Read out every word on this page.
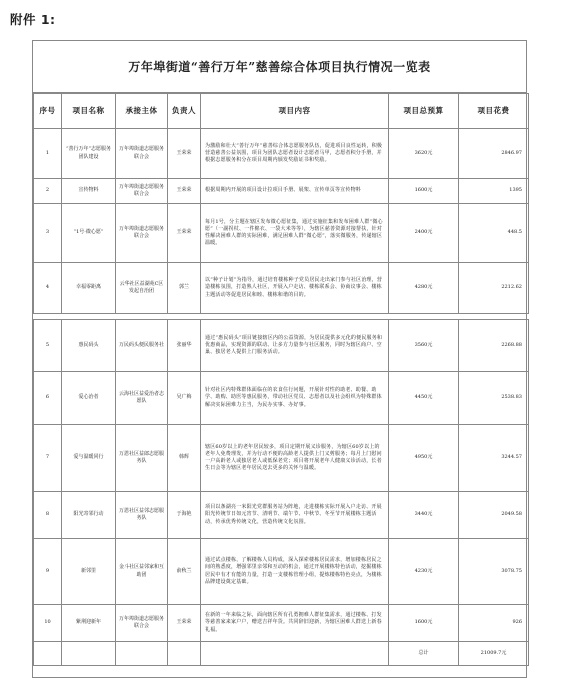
附件 1:
万年埠街道“善行万年”慈善综合体项目执行情况一览表
序号	项目名称	承接主体	负责人	项目内容	项目总预算	项目花费
1	“善行万年”志愿服务团队建设	万年埠街道志愿服务联合会	王荣荣	为激励和壮大“善行万年”慈善综合体志愿服务队伍，促进项目良性运转，积极营造慈善公益氛围，项目为团队志愿者设计志愿者马甲，志愿者积分手册，并根据志愿服务积分在项目周期内颁发奖励证书和奖励。	3620元	2846.97
2	宣传物料	万年埠街道志愿服务联合会	王荣荣	根据周期内开展的项目设计拉项目手册、展架、宣传单页等宣传物料	1600元	1395
3	“1号·微心愿”	万年埠街道志愿服务联合会	王荣荣	每月1号，分主题在辖区发布微心愿征集，通过实施征集和发布困难人群“微心愿”（一副拐杖、一件棉衣、一袋大米等等），为辖区慈善资源对接帮扶，针对性解决困难人群的实际困难，满足困难人群“微心愿”，落实微服务，传递辖区温暖。	2400元	448.5
4	幸福零距离	云华社区益湖苑C区发起自治团	郭兰	以“种子计划”为指导，通过培育楼栋种子党员居民走出家门参与社区治理，营造楼栋氛围，打造熟人社区，开展入户走访、楼栋联系会、协商议事会、楼栋主题活动等促进居民和睦、楼栋和谐的目的。	4280元	2212.62

5	惠民码头	万民码头便民服务社	张丽华	通过“惠民码头”项目链接辖区内的公益资源，为居民提供多元化的便民服务和优惠商品，实现资源的联动、让多方力量参与社区服务，同时为辖区商户、空巢、独居老人提供上门服务活动。	3560元	2268.88
6	爱心治者	云海社区益爱治者志愿队	吴广梅	针对社区内特殊群体面临在的农食住行问题，开展针对性的助老、助餐、助学、助购、助医等惠民服务，带动社区党员、志愿者以及社会组织为特殊群体解决实际困难力主当，为民办实事、办好事。	4450元	2538.83
7	爱与温暖同行	万恩社区益郎志愿服务队	韩辉	辖区60岁以上的老年居民较多，项目定期开展义诊服务，为辖区60岁以上的老年人免费理发，并为行动不便的高龄老人提供上门义剪服务；每月上门慰问一户高龄老人或独居老人或低保老党；项目将开展老年人健康义诊活动，长者生日会等为辖区老年居民送去更多的关怀与温暖。	4950元	3244.57
8	阳光寄邻行动	万恩社区益邻志愿服务队	于海艳	项目以条湖亮一米阳光党群服务站为阵地，走进楼栋实际开展入户走访、开展阳光传统节日如元宵节、清明节、端午节、中秋节、冬至节开展楼栋主题活动，传承优秀传统文化，营造传统文化氛围。	3440元	2049.58
9	新邻里	金斗社区益邻家和互助团	俞秋兰	通过试点楼栋，了解楼栋人员构成，深入探索楼栋居民需求，增加楼栋居民之间的熟悉度，增强邻里亲邻和互动的机会，通过开展楼栋特色活动，挖掘楼栋居民中有才有能的力量，打造一支楼栋管理小组，提炼楼栋特色亮点，为楼栋品牌建设奠定基础。	4230元	3078.75
10	紫荆迎新年	万年埠街道志愿服务联合会	王荣荣	在新的一年来临之际，面向辖区所有孔勇拥难人群征集需求，通过楼栋、打发等慈善家来家户户，赠送吉祥年货。共同辞旧迎新，为辖区困难人群送上新春礼福。	1600元	926
					总计	21009.7元
